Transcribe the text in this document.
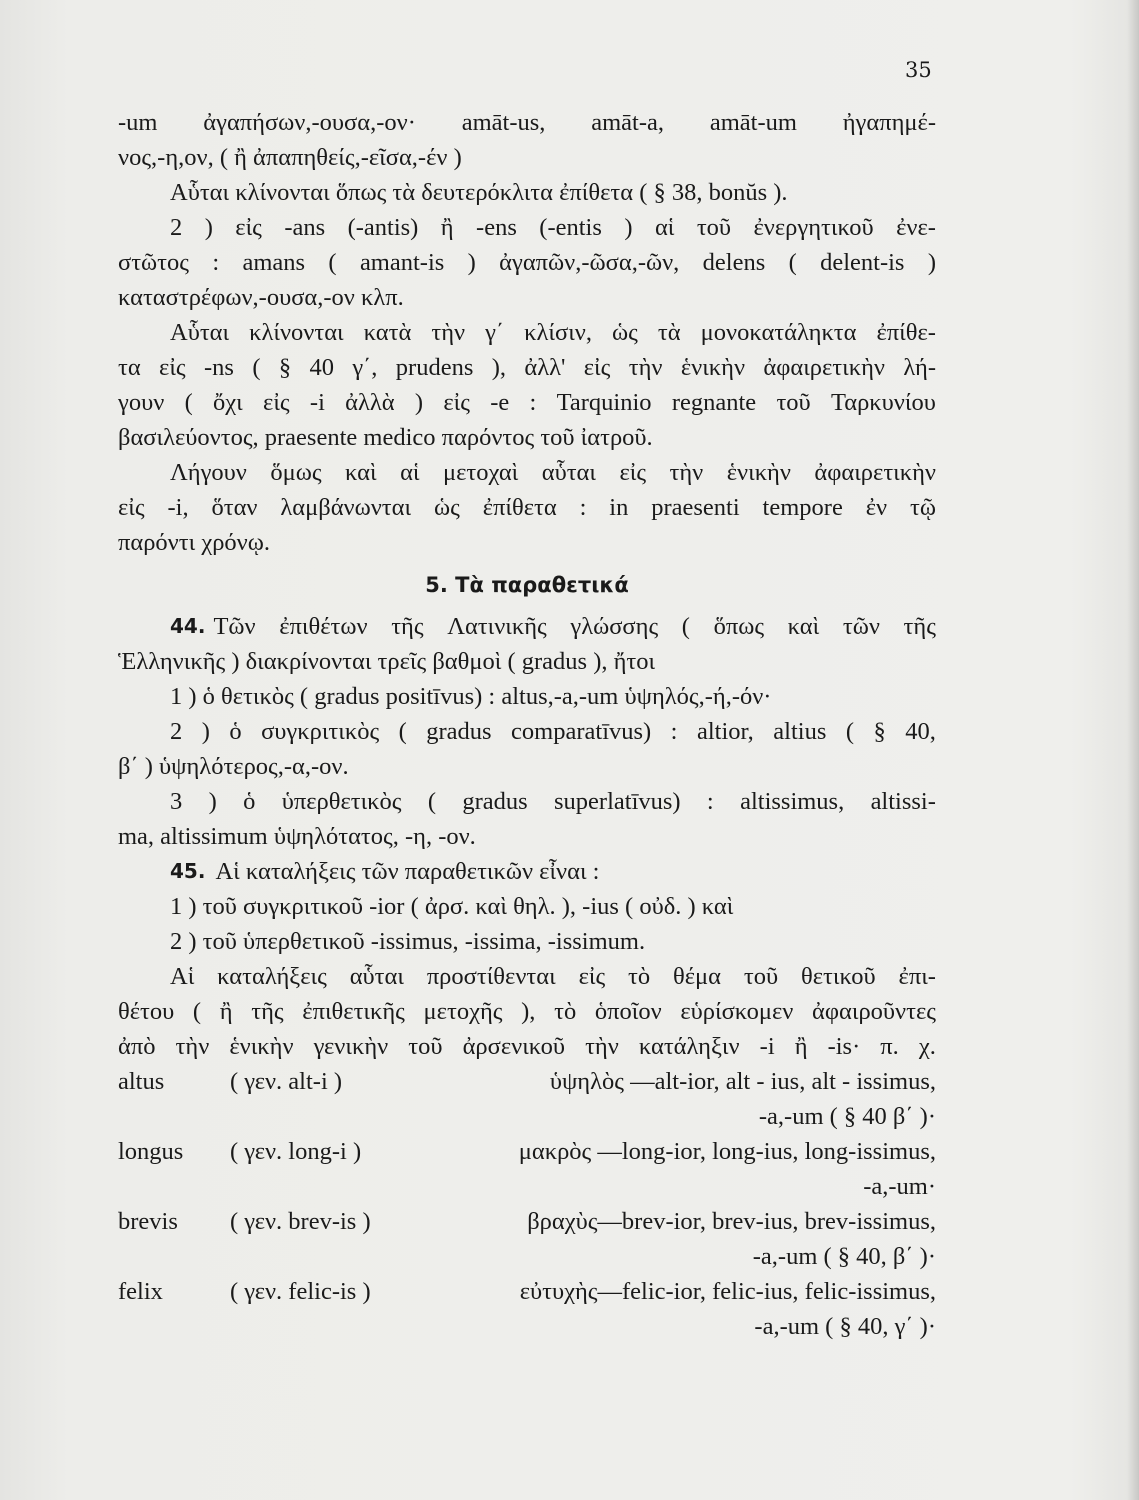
35
-um ἀγαπήσων,-ουσα,-ον· amāt-us, amāt-a, amāt-um ἠγαπημέ-
νος,-η,ον, ( ἢ ἀπαπηθείς,-εῖσα,-έν )
Αὗται κλίνονται ὅπως τὰ δευτερόκλιτα ἐπίθετα ( § 38, bonŭs ).
2 ) εἰς -ans (-antis) ἢ -ens (-entis ) αἱ τοῦ ἐνεργητικοῦ ἐνε-
στῶτος : amans ( amant-is ) ἀγαπῶν,-ῶσα,-ῶν, delens ( delent-is )
καταστρέφων,-ουσα,-ον κλπ.
Αὗται κλίνονται κατὰ τὴν γ΄ κλίσιν, ὡς τὰ μονοκατάληκτα ἐπίθε-
τα εἰς -ns ( § 40 γ΄, prudens ), ἀλλ' εἰς τὴν ἑνικὴν ἀφαιρετικὴν λή-
γουν ( ὄχι εἰς -i ἀλλὰ ) εἰς -e : Tarquinio regnante τοῦ Ταρκυνίου
βασιλεύοντος, praesente medico παρόντος τοῦ ἰατροῦ.
Λήγουν ὅμως καὶ αἱ μετοχαὶ αὗται εἰς τὴν ἑνικὴν ἀφαιρετικὴν
εἰς -i, ὅταν λαμβάνωνται ὡς ἐπίθετα : in praesenti tempore ἐν τῷ
παρόντι χρόνῳ.
5. Τὰ παραθετικά
44. Τῶν ἐπιθέτων τῆς Λατινικῆς γλώσσης ( ὅπως καὶ τῶν τῆς
Ἑλληνικῆς ) διακρίνονται τρεῖς βαθμοὶ ( gradus ), ἤτοι
1 ) ὁ θετικὸς ( gradus positīvus) : altus,-a,-um ὑψηλός,-ή,-όν·
2 ) ὁ συγκριτικὸς ( gradus comparatīvus) : altior, altius ( § 40,
β΄ ) ὑψηλότερος,-α,-ον.
3 ) ὁ ὑπερθετικὸς ( gradus superlatīvus) : altissimus, altissi-
ma, altissimum ὑψηλότατος, -η, -ον.
45. Αἱ καταλήξεις τῶν παραθετικῶν εἶναι :
1 ) τοῦ συγκριτικοῦ -ior ( ἀρσ. καὶ θηλ. ), -ius ( οὐδ. ) καὶ
2 ) τοῦ ὑπερθετικοῦ -issimus, -issima, -issimum.
Αἱ καταλήξεις αὗται προστίθενται εἰς τὸ θέμα τοῦ θετικοῦ ἐπι-
θέτου ( ἢ τῆς ἐπιθετικῆς μετοχῆς ), τὸ ὁποῖον εὑρίσκομεν ἀφαιροῦντες
ἀπὸ τὴν ἑνικὴν γενικὴν τοῦ ἀρσενικοῦ τὴν κατάληξιν -i ἢ -is· π. χ.
altus	( γεν. alt-i )	ὑψηλὸς —alt-ior, alt - ius, alt - issimus,
-a,-um ( § 40 β΄ )·
longus ( γεν. long-i )	μακρὸς —long-ior, long-ius, long-issimus,
-a,-um·
brevis ( γεν. brev-is )	βραχὺς—brev-ior, brev-ius, brev-issimus,
-a,-um ( § 40, β΄ )·
felix	( γεν. felic-is )	εὐτυχὴς—felic-ior, felic-ius, felic-issimus,
-a,-um ( § 40, γ΄ )·
